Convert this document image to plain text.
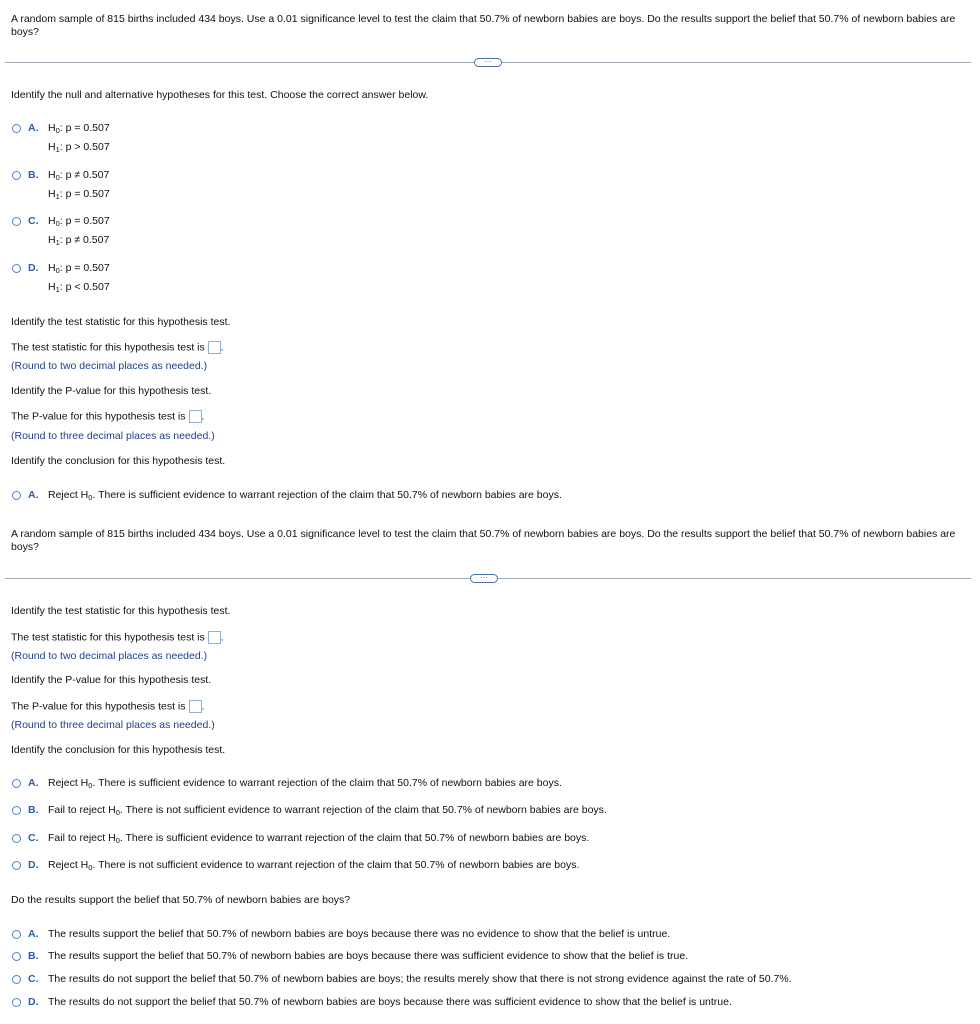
A random sample of 815 births included 434 boys. Use a 0.01 significance level to test the claim that 50.7% of newborn babies are boys. Do the results support the belief that 50.7% of newborn babies are boys?
⋯
Identify the null and alternative hypotheses for this test. Choose the correct answer below.
A. $H_0$: p = 0.507
$H_1$: p > 0.507
B. $H_0$: p ≠ 0.507
$H_1$: p = 0.507
C. $H_0$: p = 0.507
$H_1$: p ≠ 0.507
D. $H_0$: p = 0.507
$H_1$: p < 0.507
Identify the test statistic for this hypothesis test.
The test statistic for this hypothesis test is .
(Round to two decimal places as needed.)
Identify the P-value for this hypothesis test.
The P-value for this hypothesis test is .
(Round to three decimal places as needed.)
Identify the conclusion for this hypothesis test.
A. Reject $H_0$. There is sufficient evidence to warrant rejection of the claim that 50.7% of newborn babies are boys.
A random sample of 815 births included 434 boys. Use a 0.01 significance level to test the claim that 50.7% of newborn babies are boys. Do the results support the belief that 50.7% of newborn babies are boys?
⋯
Identify the test statistic for this hypothesis test.
The test statistic for this hypothesis test is .
(Round to two decimal places as needed.)
Identify the P-value for this hypothesis test.
The P-value for this hypothesis test is .
(Round to three decimal places as needed.)
Identify the conclusion for this hypothesis test.
A. Reject $H_0$. There is sufficient evidence to warrant rejection of the claim that 50.7% of newborn babies are boys.
B. Fail to reject $H_0$. There is not sufficient evidence to warrant rejection of the claim that 50.7% of newborn babies are boys.
C. Fail to reject $H_0$. There is sufficient evidence to warrant rejection of the claim that 50.7% of newborn babies are boys.
D. Reject $H_0$. There is not sufficient evidence to warrant rejection of the claim that 50.7% of newborn babies are boys.
Do the results support the belief that 50.7% of newborn babies are boys?
A. The results support the belief that 50.7% of newborn babies are boys because there was no evidence to show that the belief is untrue.
B. The results support the belief that 50.7% of newborn babies are boys because there was sufficient evidence to show that the belief is true.
C. The results do not support the belief that 50.7% of newborn babies are boys; the results merely show that there is not strong evidence against the rate of 50.7%.
D. The results do not support the belief that 50.7% of newborn babies are boys because there was sufficient evidence to show that the belief is untrue.
